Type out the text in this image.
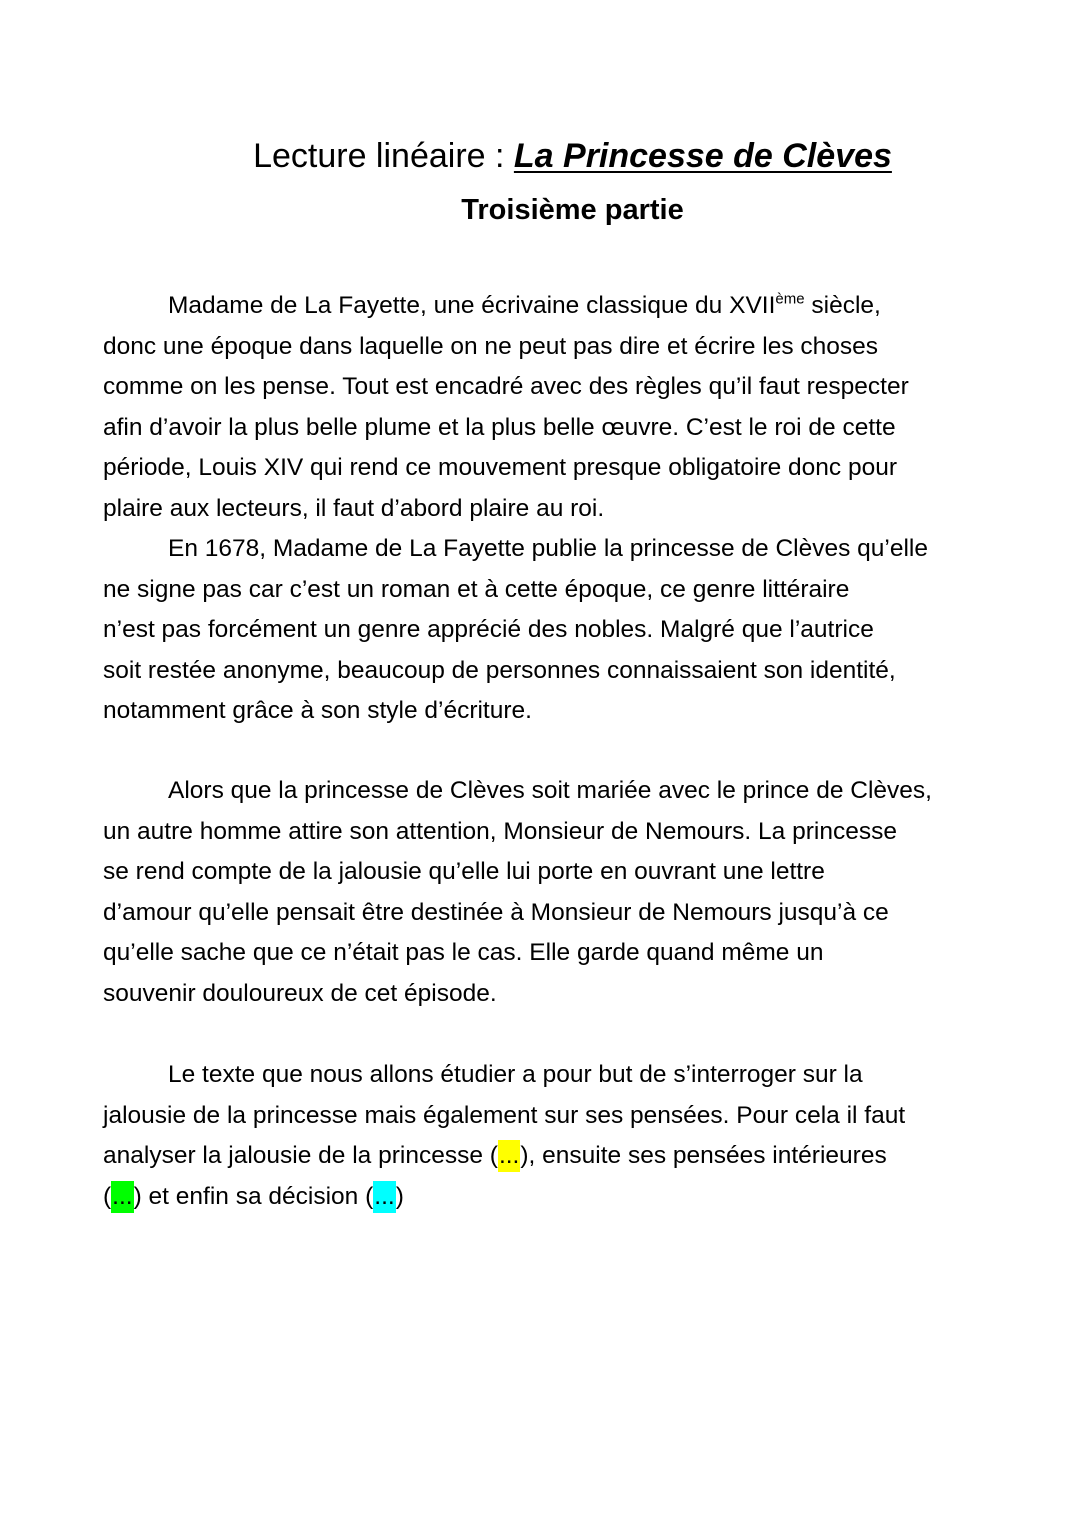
Lecture linéaire : La Princesse de Clèves
Troisième partie
Madame de La Fayette, une écrivaine classique du XVIIème siècle,
donc une époque dans laquelle on ne peut pas dire et écrire les choses
comme on les pense. Tout est encadré avec des règles qu’il faut respecter
afin d’avoir la plus belle plume et la plus belle œuvre. C’est le roi de cette
période, Louis XIV qui rend ce mouvement presque obligatoire donc pour
plaire aux lecteurs, il faut d’abord plaire au roi.
En 1678, Madame de La Fayette publie la princesse de Clèves qu’elle
ne signe pas car c’est un roman et à cette époque, ce genre littéraire
n’est pas forcément un genre apprécié des nobles. Malgré que l’autrice
soit restée anonyme, beaucoup de personnes connaissaient son identité,
notamment grâce à son style d’écriture.
Alors que la princesse de Clèves soit mariée avec le prince de Clèves,
un autre homme attire son attention, Monsieur de Nemours. La princesse
se rend compte de la jalousie qu’elle lui porte en ouvrant une lettre
d’amour qu’elle pensait être destinée à Monsieur de Nemours jusqu’à ce
qu’elle sache que ce n’était pas le cas. Elle garde quand même un
souvenir douloureux de cet épisode.
Le texte que nous allons étudier a pour but de s’interroger sur la
jalousie de la princesse mais également sur ses pensées. Pour cela il faut
analyser la jalousie de la princesse (...), ensuite ses pensées intérieures
(...) et enfin sa décision (...)
